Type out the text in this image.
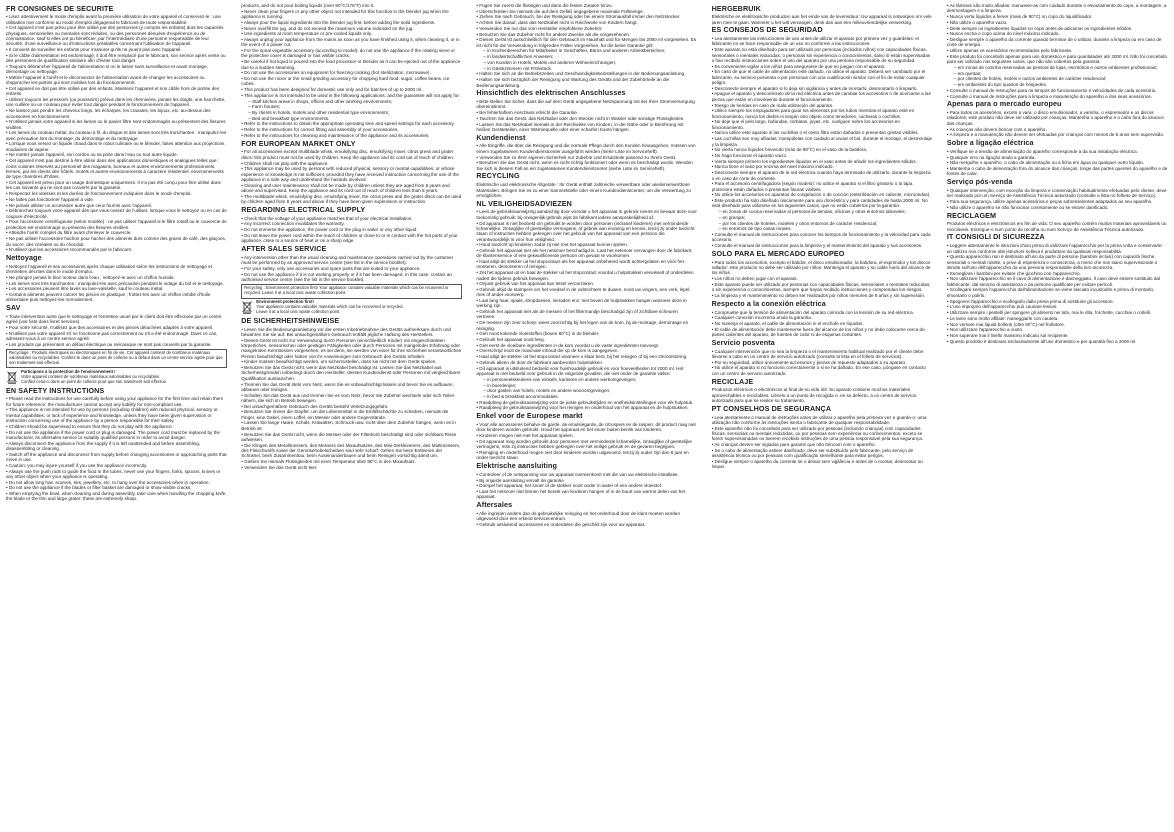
FR CONSIGNES DE SECURITE

• Lisez attentivement le mode d'emploi avant la première utilisation de votre appareil et conservez-le : une utilisation non conforme au mode d'emploi dégagerait le fabricant de toute responsabilité.

• Cet appareil n'est pas prévu pour être utilisé par des personnes (y compris les enfants) dont les capacités physiques, sensorielles ou mentales sont réduites, ou des personnes dénuées d'expérience ou de connaissance, sauf si elles ont pu bénéficier, par l'intermédiaire d'une personne responsable de leur sécurité, d'une surveillance ou d'instructions préalables concernant l'utilisation de l'appareil.

• Il convient de surveiller les enfants pour s'assurer qu'ils ne jouent pas avec l'appareil.

• Si le câble d'alimentation est endommagé, il doit être remplacé par le fabricant, son service après vente ou des personnes de qualification similaire afin d'éviter tout danger.

• Toujours débrancher l'appareil de l'alimentation si on le laisse sans surveillance et avant montage, démontage ou nettoyage.

• Mettre l'appareil à l'arrêt et le déconnecter de l'alimentation avant de changer les accessoires ou d'approcher les parties qui sont mobiles lors du fonctionnement.

• Cet appareil ne doit pas être utilisé par des enfants. Maintenir l'appareil et son câble hors de portée des enfants.

• Utilisez toujours les pressoirs (ou poussoirs) prévus dans les cheminées, jamais les doigts, une fourchette, une cuillère ou un couteau pour éviter tout danger pendant le fonctionnement de l'appareil.

• Ne laissez pas pendre les cheveux longs, les écharpes, les cravates, les bijoux, etc. au-dessus des accessoires en fonctionnement.

• N'utilisez jamais votre appareil si les lames ou le panier filtre sont endommagés ou présentent des fissures visibles.

• Les lames du couteau métal, du couteau à fil, du disque et des lames sont très tranchantes : manipulez-les avec précaution lors du montage, du démontage et du nettoyage.

• Lorsque vous versez un liquide chaud dans le robot culinaire ou le blender, faites attention aux projections soudaines de vapeur.

• Ne mettez jamais l'appareil, son cordon ou sa prise dans l'eau ou tout autre liquide.

• Cet appareil n'est pas destiné à être utilisé dans des applications domestiques et analogues telles que : coins cuisines réservés au personnel des magasins, bureaux et autres environnements professionnels, fermes, par les clients des hôtels, motels et autres environnements à caractère résidentiel, environnements de type chambres d'hôtes.

• Cet appareil est prévu pour un usage domestique uniquement. Il n'a pas été conçu pour être utilisé dans les cas suivants qui ne sont pas couverts par la garantie.

• Respectez les vitesses et les durées de fonctionnement indiquées dans le mode d'emploi.

• Ne faites pas fonctionner l'appareil à vide.

• Ne jamais utiliser un accessoire autre que ceux fournis avec l'appareil.

• Débranchez toujours votre appareil dès que vous cessez de l'utiliser, lorsque vous le nettoyez ou en cas de coupure d'électricité.

• Pour l'accessoire centrifugeuse (selon modèle) : ne pas utiliser l'appareil si le filtre rotatif ou le couvercle de protection est endommagé ou présente des fissures visibles.

• Attendre l'arrêt complet du filtre avant d'enlever le couvercle.

• Ne pas utiliser l'accessoire hachoir pour hacher des aliments durs comme des grains de café, des glaçons, du sucre, des céréales ou du chocolat.

• N'utilisez que les accessoires recommandés par le fabricant.

Nettoyage

• Nettoyez l'appareil et ses accessoires après chaque utilisation selon les instructions de nettoyage et d'entretien décrites dans le mode d'emploi.

• Ne plongez jamais le bloc moteur dans l'eau ; nettoyez-le avec un chiffon humide.

• Les lames sont très tranchantes : manipulez-les avec précaution pendant le vidage du bol et le nettoyage.

• Les accessoires peuvent être lavés au lave-vaisselle, sauf le couteau métal.

• Certains aliments peuvent colorer les pièces en plastique ; frottez-les avec un chiffon imbibé d'huile alimentaire puis nettoyez-les normalement.

SAV

• Toute intervention autre que le nettoyage et l'entretien usuel par le client doit être effectuée par un centre agréé (voir liste dans livret services).

• Pour votre sécurité, n'utilisez que des accessoires et des pièces détachées adaptés à votre appareil.

• N'utilisez pas votre appareil s'il ne fonctionne pas correctement ou s'il a été endommagé. Dans ce cas, adressez-vous à un centre service agréé.

• Les produits qui présentent un défaut électrique ou mécanique ne sont pas couverts par la garantie.

Recyclage : Produits électriques ou électroniques en fin de vie. Cet appareil contient de nombreux matériaux valorisables ou recyclables. Confiez-le dans un point de collecte ou à défaut dans un centre service agréé pour que son traitement soit effectué.
Participons à la protection de l'environnement !
Votre appareil contient de nombreux matériaux valorisables ou recyclables.
Confiez celui-ci dans un point de collecte pour que son traitement soit effectué.
EN SAFETY INSTRUCTIONS

• Please read the instructions for use carefully before using your appliance for the first time and retain them for future reference: the manufacturer cannot accept any liability for non-compliant use.

• This appliance is not intended for use by persons (including children) with reduced physical, sensory or mental capabilities, or lack of experience and knowledge, unless they have been given supervision or instruction concerning use of the appliance by a person responsible for their safety.

• Children should be supervised to ensure that they do not play with the appliance.

• Do not use the appliance if the power cord or plug is damaged. The power cord must be replaced by the manufacturer, its aftersales service or suitably qualified persons in order to avoid danger.

• Always disconnect the appliance from the supply if it is left unattended and before assembling, disassembling or cleaning.

• Switch off the appliance and disconnect from supply before changing accessories or approaching parts that move in use.

• Caution: you may injure yourself if you use the appliance incorrectly.

• Always use the push rods to guide the food in the tubes, never use your fingers, forks, spoons, knives or any other object when your appliance is operating.

• Do not allow long hair, scarves, ties, jewellery, etc. to hang over the accessories when in operation.

• Do not use the appliance if the blades or filter basket are damaged or show visible cracks.

• When emptying the bowl, when cleaning and during assembly, take care when handling the chopping knife, the blade or the thin and large grater: these are extremely sharp.

products, and do not pour boiling liquids (over 80°C/176°F) into it.

• Never clean your fingers or any other object not intended for this function in the blender jug when the appliance is running.

• Always pour the liquid ingredients into the blender jug first, before adding the solid ingredients.

• Never overfill the jug, and do not exceed the maximum volume indicated on the jug.

• Use ingredients at room temperature or pre-cooled liquids only.

• Always unplug your appliance from the mains as soon as you have finished using it, when cleaning it, or in the event of a power cut.

• For the spiral vegetable accessory (according to model): do not use the appliance if the rotating sieve or the protective cover is damaged or has visible cracks.

• Be careful if hot liquid is poured into the food processor or blender as it can be ejected out of the appliance due to a sudden steaming.

• Do not use the accessories on equipment for freezing cooking (hot sterilization, microwave).

• Do not use the mixer or the small grinding accessory for chopping hard food: sugar, coffee beans, ice cubes.

• This product has been designed for domestic use only and for batches of up to 2000 ml.

• This appliance is not intended to be used in the following applications, and the guarantee will not apply for:

– Staff kitchen areas in shops, offices and other working environments;

– Farm houses;

– By clients in hotels, motels and other residential type environments;

– Bed and breakfast type environments.

• Refer to the instructions to obtain the appropriate operating time and speed settings for each accessory.

• Refer to the instructions for correct fitting and assembly of your accessories.

• Refer to the instructions for cleaning and maintenance of the appliance and its accessories.

FOR EUROPEAN MARKET ONLY

• For all accessories except multiblade whisk, emulsifying disc, emulsifying mixer, citrus press and grater discs: this product must not be used by children. Keep the appliance and its cord out of reach of children.

• Children shall not play with the appliance.

• This appliance may be used by persons with reduced physical, sensory or mental capabilities, or whose experience or knowledge is not sufficient, provided they have received instruction concerning the use of the appliance in a safe way and understand the hazards involved.

• Cleaning and user maintenance shall not be made by children unless they are aged from 8 years and above and supervised. Keep the appliance and its cord out of reach of children less than 8 years.

• The multiblade whisk, emulsifying disc, emulsifying mixer, the citrus press and the grater discs can be used by children aged from 8 years and above if they have been given supervision or instruction.

REGARDING ELECTRICAL SUPPLY

• Check that the voltage of your appliance matches that of your electrical installation.

• Any incorrect connection invalidates the warranty.

• Do not immerse the appliance, the power cord or the plug in water or any other liquid.

• Do not leave the power cord within the reach of children or close to or in contact with the hot parts of your appliance, close to a source of heat or on a sharp edge.

AFTER SALES SERVICE

• Any intervention other than the usual cleaning and maintenance operations carried out by the customer must be performed by an approved service centre (see list in the service booklet).

• For your safety, only use accessories and spare parts that are suited to your appliance.

• Do not use the appliance if it is not working properly or if it has been damaged. In this case, contact an authorised service centre (see the list in the service booklet).

Recycling : Environment protection first! Your appliance contains valuable materials which can be recovered or recycled. Leave it at a local civic waste collection point.
Environment protection first!
Your appliance contains valuable materials which can be recovered or recycled.
Leave it at a local civic waste collection point.
DE SICHERHEITSHINWEISE

• Lesen Sie die Bedienungsanleitung vor der ersten Inbetriebnahme des Geräts aufmerksam durch und bewahren Sie sie auf. Bei unsachgemäßem Gebrauch entfällt jegliche Haftung des Herstellers.

• Dieses Gerät ist nicht zur Verwendung durch Personen (einschließlich Kinder) mit eingeschränkten körperlichen, sensorischen oder geistigen Fähigkeiten oder durch Personen mit mangelnder Erfahrung oder mangelnden Kenntnissen vorgesehen, es sei denn, sie werden von einer für ihre Sicherheit verantwortlichen Person beaufsichtigt oder haben von ihr Anweisungen zum Gebrauch des Geräts erhalten.

• Kinder müssen beaufsichtigt werden, um sicherzustellen, dass sie nicht mit dem Gerät spielen.

• Benutzen Sie das Gerät nicht, wenn das Netzkabel beschädigt ist. Lassen Sie das Netzkabel aus Sicherheitsgründen unbedingt durch den Hersteller, dessen Kundendienst oder Personen mit vergleichbarer Qualifikation austauschen.

• Trennen Sie das Gerät stets vom Netz, wenn Sie es unbeaufsichtigt lassen und bevor Sie es aufbauen, abbauen oder reinigen.

• Schalten Sie das Gerät aus und trennen Sie es vom Netz, bevor Sie Zubehör wechseln oder sich Teilen nähern, die sich im Betrieb bewegen.

• Bei unsachgemäßem Gebrauch des Geräts besteht Verletzungsgefahr.

• Benutzen Sie immer die Stopfer, um die Lebensmittel in die Einfüllschächte zu schieben, niemals die Finger, eine Gabel, einen Löffel, ein Messer oder andere Gegenstände.

• Lassen Sie lange Haare, Schals, Krawatten, Schmuck usw. nicht über dem Zubehör hängen, wenn es in Betrieb ist.

• Benutzen Sie das Gerät nicht, wenn die Messer oder der Filterkorb beschädigt sind oder sichtbare Risse aufweisen.

• Die Klingen des Metallmessers, des Messers des Mixaufsatzes, des Mini-Zerkleinerers, des Multimessers, des Fleischwolfs sowie der Gemüsehobelscheiben sind sehr scharf: Gehen Sie beim Entleeren der Schüssel, beim Zusammenbau, beim Auseinanderbauen und beim Reinigen vorsichtig damit um.

• Gießen Sie niemals Flüssigkeiten mit einer Temperatur über 80°C in den Mixaufsatz.

• Verwenden Sie das Gerät nicht leer.

• Fügen Sie zuerst die flüssigen und dann die festen Zutaten hinzu.

• Überschreiten Sie niemals die auf dem Gefäß angegebene maximale Füllmenge.

• Ziehen Sie nach Gebrauch, bei der Reinigung oder bei einem Stromausfall immer den Netzstecker.

• Achten Sie darauf, dass das Netzkabel nicht in Reichweite von Kindern hängt.

• Verwenden Sie nur das vom Hersteller empfohlene Zubehör.

• Benutzen Sie das Zubehör nicht für andere Zwecke als die vorgesehenen.

• Dieses Gerät ist ausschließlich für den Gebrauch im Haushalt und für Mengen bis 2000 ml vorgesehen. Es ist nicht für die Verwendung in folgenden Fällen vorgesehen, für die keine Garantie gilt:

– in Küchenbereichen für Mitarbeiter in Geschäften, Büros und anderen Arbeitsbereichen;

– in landwirtschaftlichen Anwesen;

– von Kunden in Hotels, Motels und anderen Wohneinrichtungen;

– in Gästezimmern mit Frühstück.

• Halten Sie sich an die Betriebszeiten und Geschwindigkeitseinstellungen in der Bedienungsanleitung.

• Halten Sie sich bezüglich der Reinigung und Wartung des Geräts und der Zubehörteile an die Bedienungsanleitung.

Hinsichtlich des elektrischen Anschlusses

• Bitte stellen Sie sicher, dass die auf dem Gerät angegebene Netzspannung mit der Ihrer Stromversorgung übereinstimmt.

• Bei fehlerhaftem Anschluss erlischt die Garantie.

• Tauchen Sie das Gerät, das Netzkabel oder den Stecker nicht in Wasser oder sonstige Flüssigkeiten.

• Lassen Sie das Netzkabel niemals in der Reichweite von Kindern, in der Nähe oder in Berührung mit heißen Geräteteilen, einer Wärmequelle oder einer scharfen Kante hängen.

Kundendienst

• Alle Eingriffe, die über die Reinigung und die normale Pflege durch den Kunden hinausgehen, müssen von einem zugelassenen Kundendienstcenter ausgeführt werden (siehe Liste im Serviceheft).

• Verwenden Sie zu Ihrer eigenen Sicherheit nur Zubehör und Ersatzteile passend zu Ihrem Gerät.

• Benutzen Sie das Gerät nicht, wenn es nicht richtig funktioniert oder wenn es beschädigt wurde. Wenden Sie sich in diesem Fall an ein zugelassenes Kundendienstcenter (siehe Liste im Serviceheft).

RECYCLING

Elektrische und elektronische Altgeräte : Ihr Gerät enthält zahlreiche verwertbare oder wiederverwertbare Materialien. Bringen Sie es zu einer Sammelstelle oder einem Kundendienstcenter, um die Verwertung zu ermöglichen.

NL VEILIGHEIDSADVIEZEN

• Lees de gebruiksaanwijzing aandachtig door voordat u het apparaat in gebruik neemt en bewaar deze voor toekomstig gebruik: bij oneigenlijk gebruik wijst de fabrikant iedere aansprakelijkheid af.

• Dit apparaat is niet bedoeld om gebruikt te worden door personen (inclusief kinderen) met verminderde lichamelijke, zintuiglijke of geestelijke vermogens, of gebrek aan ervaring en kennis, tenzij zij onder toezicht staan of instructies hebben gekregen over het gebruik van het apparaat van een persoon die verantwoordelijk is voor hun veiligheid.

• Houd toezicht op kinderen zodat zij niet met het apparaat kunnen spelen.

• Gebruik het apparaat niet als het netsnoer beschadigd is. Laat het netsnoer vervangen door de fabrikant, de klantenservice of een gekwalificeerde persoon om gevaar te voorkomen.

• Haal altijd de stekker uit het stopcontact als het apparaat onbeheerd wordt achtergelaten en vóór het monteren, demonteren of reinigen.

• Zet het apparaat uit en haal de stekker uit het stopcontact voordat u hulpstukken verwisselt of onderdelen nadert die tijdens gebruik bewegen.

• Onjuist gebruik van het apparaat kan letsel veroorzaken.

• Gebruik altijd de stampers om het voedsel in de vultrechters te duwen, nooit uw vingers, een vork, lepel, mes of ander voorwerp.

• Laat lang haar, sjaals, stropdassen, sieraden enz. niet boven de hulpstukken hangen wanneer deze in werking zijn.

• Gebruik het apparaat niet als de messen of het filtermandje beschadigd zijn of zichtbare scheuren vertonen.

• De messen zijn zeer scherp: wees voorzichtig bij het legen van de kom, bij de montage, demontage en reiniging.

• Giet nooit kokende vloeistoffen (boven 80°C) in de blender.

• Gebruik het apparaat nooit leeg.

• Giet eerst de vloeibare ingrediënten in de kom voordat u de vaste ingrediënten toevoegt.

• Overschrijd nooit de maximale inhoud die op de kom is aangegeven.

• Haal altijd de stekker uit het stopcontact wanneer u klaar bent, bij het reinigen of bij een stroomstoring.

• Gebruik alleen de door de fabrikant aanbevolen hulpstukken.

• Dit apparaat is uitsluitend bedoeld voor huishoudelijk gebruik en voor hoeveelheden tot 2000 ml. Het apparaat is niet bedoeld voor gebruik in de volgende gevallen, die niet onder de garantie vallen:

– in personeelskeukens van winkels, kantoren en andere werkomgevingen;

– in boerderijen;

– door gasten van hotels, motels en andere woonomgevingen;

– in bed & breakfast accommodaties.

• Raadpleeg de gebruiksaanwijzing voor de juiste gebruikstijden en snelheidsinstellingen voor elk hulpstuk.

• Raadpleeg de gebruiksaanwijzing voor het reinigen en onderhoud van het apparaat en de hulpstukken.

Enkel voor de Europese markt

• Voor alle accessoires behalve de garde, de emulsiegarde, de citruspers en de raspen: dit product mag niet door kinderen worden gebruikt. Houd het apparaat en het snoer buiten bereik van kinderen.

• Kinderen mogen niet met het apparaat spelen.

• Dit apparaat mag worden gebruikt door personen met verminderde lichamelijke, zintuiglijke of geestelijke vermogens, mits zij instructies hebben gekregen over het veilige gebruik en de gevaren begrijpen.

• Reiniging en onderhoud mogen niet door kinderen worden uitgevoerd, tenzij zij ouder zijn dan 8 jaar en onder toezicht staan.

Elektrische aansluiting

• Controleer of de netspanning van uw apparaat overeenkomt met die van uw elektrische installatie.

• Bij onjuiste aansluiting vervalt de garantie.

• Dompel het apparaat, het snoer of de stekker nooit onder in water of een andere vloeistof.

• Laat het netsnoer niet binnen het bereik van kinderen hangen of in de buurt van warme delen van het apparaat.

Aftersales

• Alle ingrepen anders dan de gebruikelijke reiniging en het onderhoud door de klant moeten worden uitgevoerd door een erkend servicecentrum.

• Gebruik uitsluitend accessoires en onderdelen die geschikt zijn voor uw apparaat.

HERGEBRUIK

Elektrische en elektronische producten aan het einde van de levensduur: Uw apparaat is ontworpen om vele jaren mee te gaan. Wanneer u het wilt vervangen, denk dan aan een milieuvriendelijke verwerking.

ES CONSEJOS DE SEGURIDAD

• Lea atentamente las instrucciones de uso antes de utilizar el aparato por primera vez y guárdelas: el fabricante no se hace responsable de un uso no conforme a las instrucciones.

• Este aparato no está diseñado para ser utilizado por personas (incluidos niños) con capacidades físicas, sensoriales o mentales reducidas, o personas sin experiencia o conocimientos, salvo si están supervisadas o han recibido instrucciones sobre el uso del aparato por una persona responsable de su seguridad.

• Es conveniente vigilar a los niños para asegurarse de que no juegan con el aparato.

• En caso de que el cable de alimentación esté dañado, no utilice el aparato. Deberá ser cambiado por el fabricante, su servicio posventa o por personas con una cualificación similar con el fin de evitar cualquier peligro.

• Desconecte siempre el aparato si lo deja sin vigilancia y antes de montarlo, desmontarlo o limpiarlo.

• Apague el aparato y desconéctelo de la red eléctrica antes de cambiar los accesorios o de acercarse a las piezas que están en movimiento durante el funcionamiento.

• Riesgo de heridas en caso de mala utilización del aparato.

• Utilice siempre los empujadores para guiar los alimentos por los tubos mientras el aparato esté en funcionamiento, nunca los dedos ni ningún otro objeto como tenedores, cucharas o cuchillos.

• No deje que el pelo largo, bufandas, corbatas, joyas, etc. cuelguen sobre los accesorios en funcionamiento.

• Nunca utilice este aparato si las cuchillas o el cesto filtro están dañados o presentan grietas visibles.

• Las cuchillas son muy afiladas: manipúlelas con cuidado al vaciar el bol, durante el montaje, el desmontaje y la limpieza.

• No vierta nunca líquidos hirviendo (más de 80°C) en el vaso de la batidora.

• No haga funcionar el aparato vacío.

• Vierta siempre primero los ingredientes líquidos en el vaso antes de añadir los ingredientes sólidos.

• Nunca llene el vaso por encima del nivel máximo indicado.

• Desconecte siempre el aparato de la red eléctrica cuando haya terminado de utilizarlo, durante la limpieza o en caso de corte de corriente.

• Para el accesorio centrifugadora (según modelo): no utilice el aparato si el filtro giratorio o la tapa protectora están dañados o presentan fisuras visibles.

• No utilice los accesorios en aparatos de congelación o de cocción (esterilización en caliente, microondas).

• Este producto ha sido diseñado únicamente para uso doméstico y para cantidades de hasta 2000 ml. No está diseñado para utilizarse en los siguientes casos, que no están cubiertos por la garantía:

– en zonas de cocina reservadas al personal de tiendas, oficinas y otros entornos laborales;

– en granjas;

– por los clientes de hoteles, moteles y otros entornos de carácter residencial;

– en entornos de tipo casas rurales.

• Consulte el manual de instrucciones para conocer los tiempos de funcionamiento y la velocidad para cada accesorio.

• Consulte el manual de instrucciones para la limpieza y el mantenimiento del aparato y sus accesorios.

SOLO PARA EL MERCADO EUROPEO

• Para todos los accesorios, excepto el batidor, el disco emulsionador, la batidora, el exprimidor y los discos rallador: este producto no debe ser utilizado por niños. Mantenga el aparato y su cable fuera del alcance de los niños.

• Los niños no deben jugar con el aparato.

• Este aparato puede ser utilizado por personas con capacidades físicas, sensoriales o mentales reducidas, o sin experiencia o conocimientos, siempre que hayan recibido instrucciones y comprendan los riesgos.

• La limpieza y el mantenimiento no deben ser realizados por niños menores de 8 años y sin supervisión.

Respecto a la conexión eléctrica

• Compruebe que la tensión de alimentación del aparato coincida con la tensión de su red eléctrica.

• Cualquier conexión incorrecta anula la garantía.

• No sumerja el aparato, el cable de alimentación ni el enchufe en líquidos.

• El cable de alimentación debe mantenerse fuera del alcance de los niños y no debe colocarse cerca de partes calientes del aparato, de fuentes de calor ni de esquinas cortantes.

Servicio posventa

• Cualquier intervención que no sea la limpieza o el mantenimiento habitual realizado por el cliente debe llevarse a cabo en un centro de servicio autorizado (consulte la lista en el folleto de servicios).

• Por su seguridad, utilice únicamente accesorios y piezas de repuesto adaptados a su aparato.

• No utilice el aparato si no funciona correctamente o si se ha dañado. En ese caso, póngase en contacto con un centro de servicio autorizado.

RECICLAJE

Productos eléctricos o electrónicos al final de su vida útil: Su aparato contiene muchos materiales aprovechables o reciclables. Llévelo a un punto de recogida o, en su defecto, a un centro de servicio autorizado para que se realice su tratamiento.

PT CONSELHOS DE SEGURANÇA

• Leia atentamente o manual de instruções antes de utilizar o aparelho pela primeira vez e guarde-o: uma utilização não conforme às instruções isenta o fabricante de qualquer responsabilidade.

• Este aparelho não foi concebido para ser utilizado por pessoas (incluindo crianças) com capacidades físicas, sensoriais ou mentais reduzidas, ou por pessoas sem experiência ou conhecimentos, exceto se forem supervisionadas ou tiverem recebido instruções de uma pessoa responsável pela sua segurança.

• As crianças devem ser vigiadas para garantir que não brincam com o aparelho.

• Se o cabo de alimentação estiver danificado, deve ser substituído pelo fabricante, pelo serviço de assistência técnica ou por pessoas com qualificação semelhante para evitar perigos.

• Desligue sempre o aparelho da corrente se o deixar sem vigilância e antes de o montar, desmontar ou limpar.

• As lâminas são muito afiadas: manuseie-as com cuidado durante o esvaziamento do copo, a montagem, a desmontagem e a limpeza.

• Nunca verta líquidos a ferver (mais de 80°C) no copo do liquidificador.

• Não utilize o aparelho vazio.

• Deite sempre os ingredientes líquidos no copo antes de adicionar os ingredientes sólidos.

• Nunca encha o copo acima do nível máximo indicado.

• Desligue sempre o aparelho da corrente quando terminar de o utilizar, durante a limpeza ou em caso de corte de energia.

• Utilize apenas os acessórios recomendados pelo fabricante.

• Este produto foi concebido apenas para uso doméstico e para quantidades até 2000 ml. Não foi concebido para ser utilizado nos seguintes casos, que não são cobertos pela garantia:

– em zonas de cozinha reservadas ao pessoal de lojas, escritórios e outros ambientes profissionais;

– em quintas;

– por clientes de hotéis, motéis e outros ambientes de carácter residencial;

– em ambientes do tipo quartos de hóspedes.

• Consulte o manual de instruções para os tempos de funcionamento e velocidades de cada acessório.

• Consulte o manual de instruções para a limpeza e manutenção do aparelho e dos seus acessórios.

Apenas para o mercado europeu

• Para todos os acessórios, exceto a vara, o disco emulsionador, a varinha, o espremedor e os discos raladores: este produto não deve ser utilizado por crianças. Mantenha o aparelho e o cabo fora do alcance das crianças.

• As crianças não devem brincar com o aparelho.

• A limpeza e a manutenção não devem ser efetuadas por crianças com menos de 8 anos sem supervisão.

Sobre a ligação eléctrica

• Verifique se a tensão de alimentação do aparelho corresponde à da sua instalação eléctrica.

• Qualquer erro na ligação anula a garantia.

• Não mergulhe o aparelho, o cabo de alimentação ou a ficha em água ou qualquer outro líquido.

• Mantenha o cabo de alimentação fora do alcance das crianças, longe das partes quentes do aparelho e de fontes de calor.

Serviço pós-venda

• Qualquer intervenção, com exceção da limpeza e conservação habitualmente efetuadas pelo cliente, deve ser realizada por um Serviço de Assistência Técnica autorizado (consulte a lista no folheto de Serviço).

• Para sua segurança, utilize apenas acessórios e peças sobresselentes adaptados ao seu aparelho.

• Não utilize o aparelho se não funcionar corretamente ou se estiver danificado.

RECICLAGEM

Produtos eléctricos e electrónicos em fim de vida: O seu aparelho contém muitos materiais aproveitáveis ou recicláveis. Entregue-o num ponto de recolha ou num Serviço de Assistência Técnica autorizado.

IT CONSIGLI DI SICUREZZA

• Leggere attentamente le istruzioni d'uso prima di utilizzare l'apparecchio per la prima volta e conservarle: un utilizzo non conforme alle istruzioni solleva il produttore da qualsiasi responsabilità.

• Questo apparecchio non è destinato all'uso da parte di persone (bambini inclusi) con capacità fisiche, sensoriali o mentali ridotte, o prive di esperienza e conoscenza, a meno che non siano supervisionate o istruite sull'uso dell'apparecchio da una persona responsabile della loro sicurezza.

• Sorvegliare i bambini per evitare che giochino con l'apparecchio.

• Non utilizzare l'apparecchio se il cavo di alimentazione è danneggiato. Il cavo deve essere sostituito dal fabbricante, dal servizio di assistenza o da persone qualificate per evitare pericoli.

• Scollegare sempre l'apparecchio dall'alimentazione se viene lasciato incustodito e prima di montarlo, smontarlo o pulirlo.

• Spegnere l'apparecchio e scollegarlo dalla presa prima di sostituire gli accessori.

• L'uso improprio dell'apparecchio può causare lesioni.

• Utilizzare sempre i pestelli per spingere gli alimenti nei tubi, mai le dita, forchette, cucchiai o coltelli.

• Le lame sono molto affilate: maneggiarle con cautela.

• Non versare mai liquidi bollenti (oltre 80°C) nel frullatore.

• Non utilizzare l'apparecchio a vuoto.

• Non superare mai il livello massimo indicato sul recipiente.

• Questo prodotto è destinato esclusivamente all'uso domestico e per quantità fino a 2000 ml.
